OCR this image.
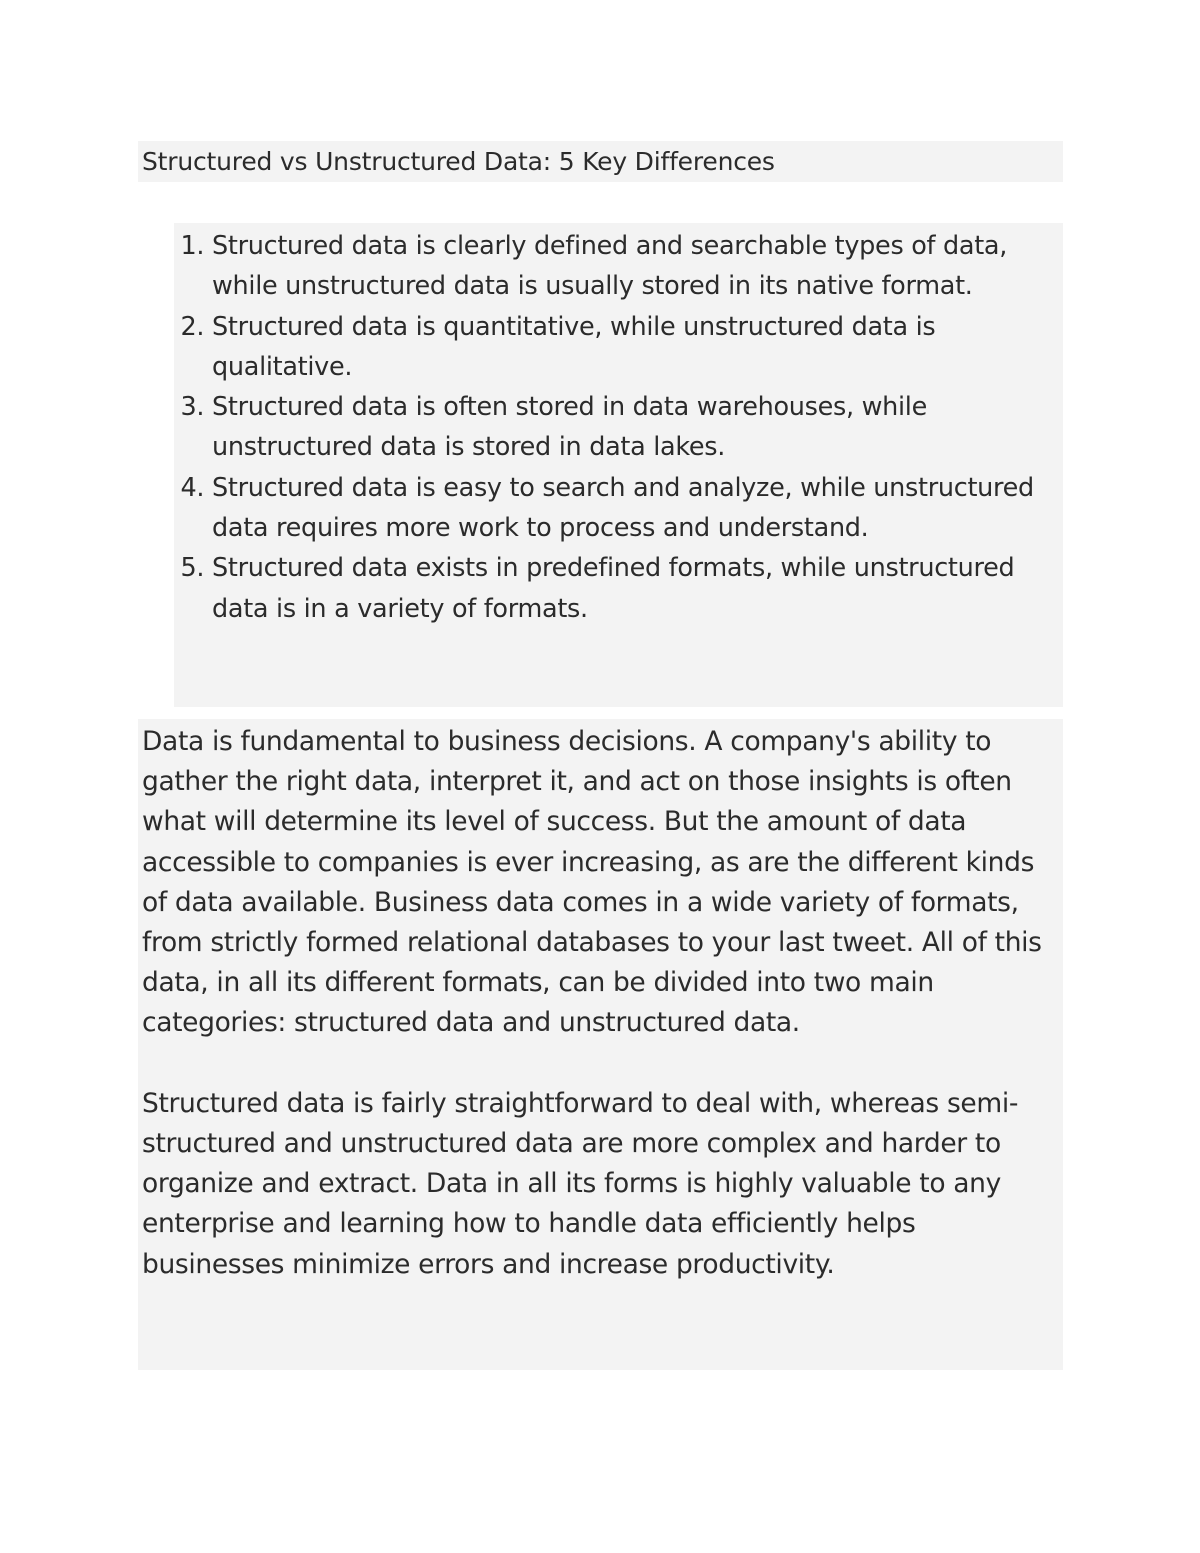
Structured vs Unstructured Data: 5 Key Differences
1. Structured data is clearly defined and searchable types of data, while unstructured data is usually stored in its native format.
2. Structured data is quantitative, while unstructured data is qualitative.
3. Structured data is often stored in data warehouses, while unstructured data is stored in data lakes.
4. Structured data is easy to search and analyze, while unstructured data requires more work to process and understand.
5. Structured data exists in predefined formats, while unstructured data is in a variety of formats.

Data is fundamental to business decisions. A company's ability to gather the right data, interpret it, and act on those insights is often what will determine its level of success. But the amount of data accessible to companies is ever increasing, as are the different kinds of data available. Business data comes in a wide variety of formats, from strictly formed relational databases to your last tweet. All of this data, in all its different formats, can be divided into two main categories: structured data and unstructured data.

Structured data is fairly straightforward to deal with, whereas semi-structured and unstructured data are more complex and harder to organize and extract. Data in all its forms is highly valuable to any enterprise and learning how to handle data efficiently helps businesses minimize errors and increase productivity.
